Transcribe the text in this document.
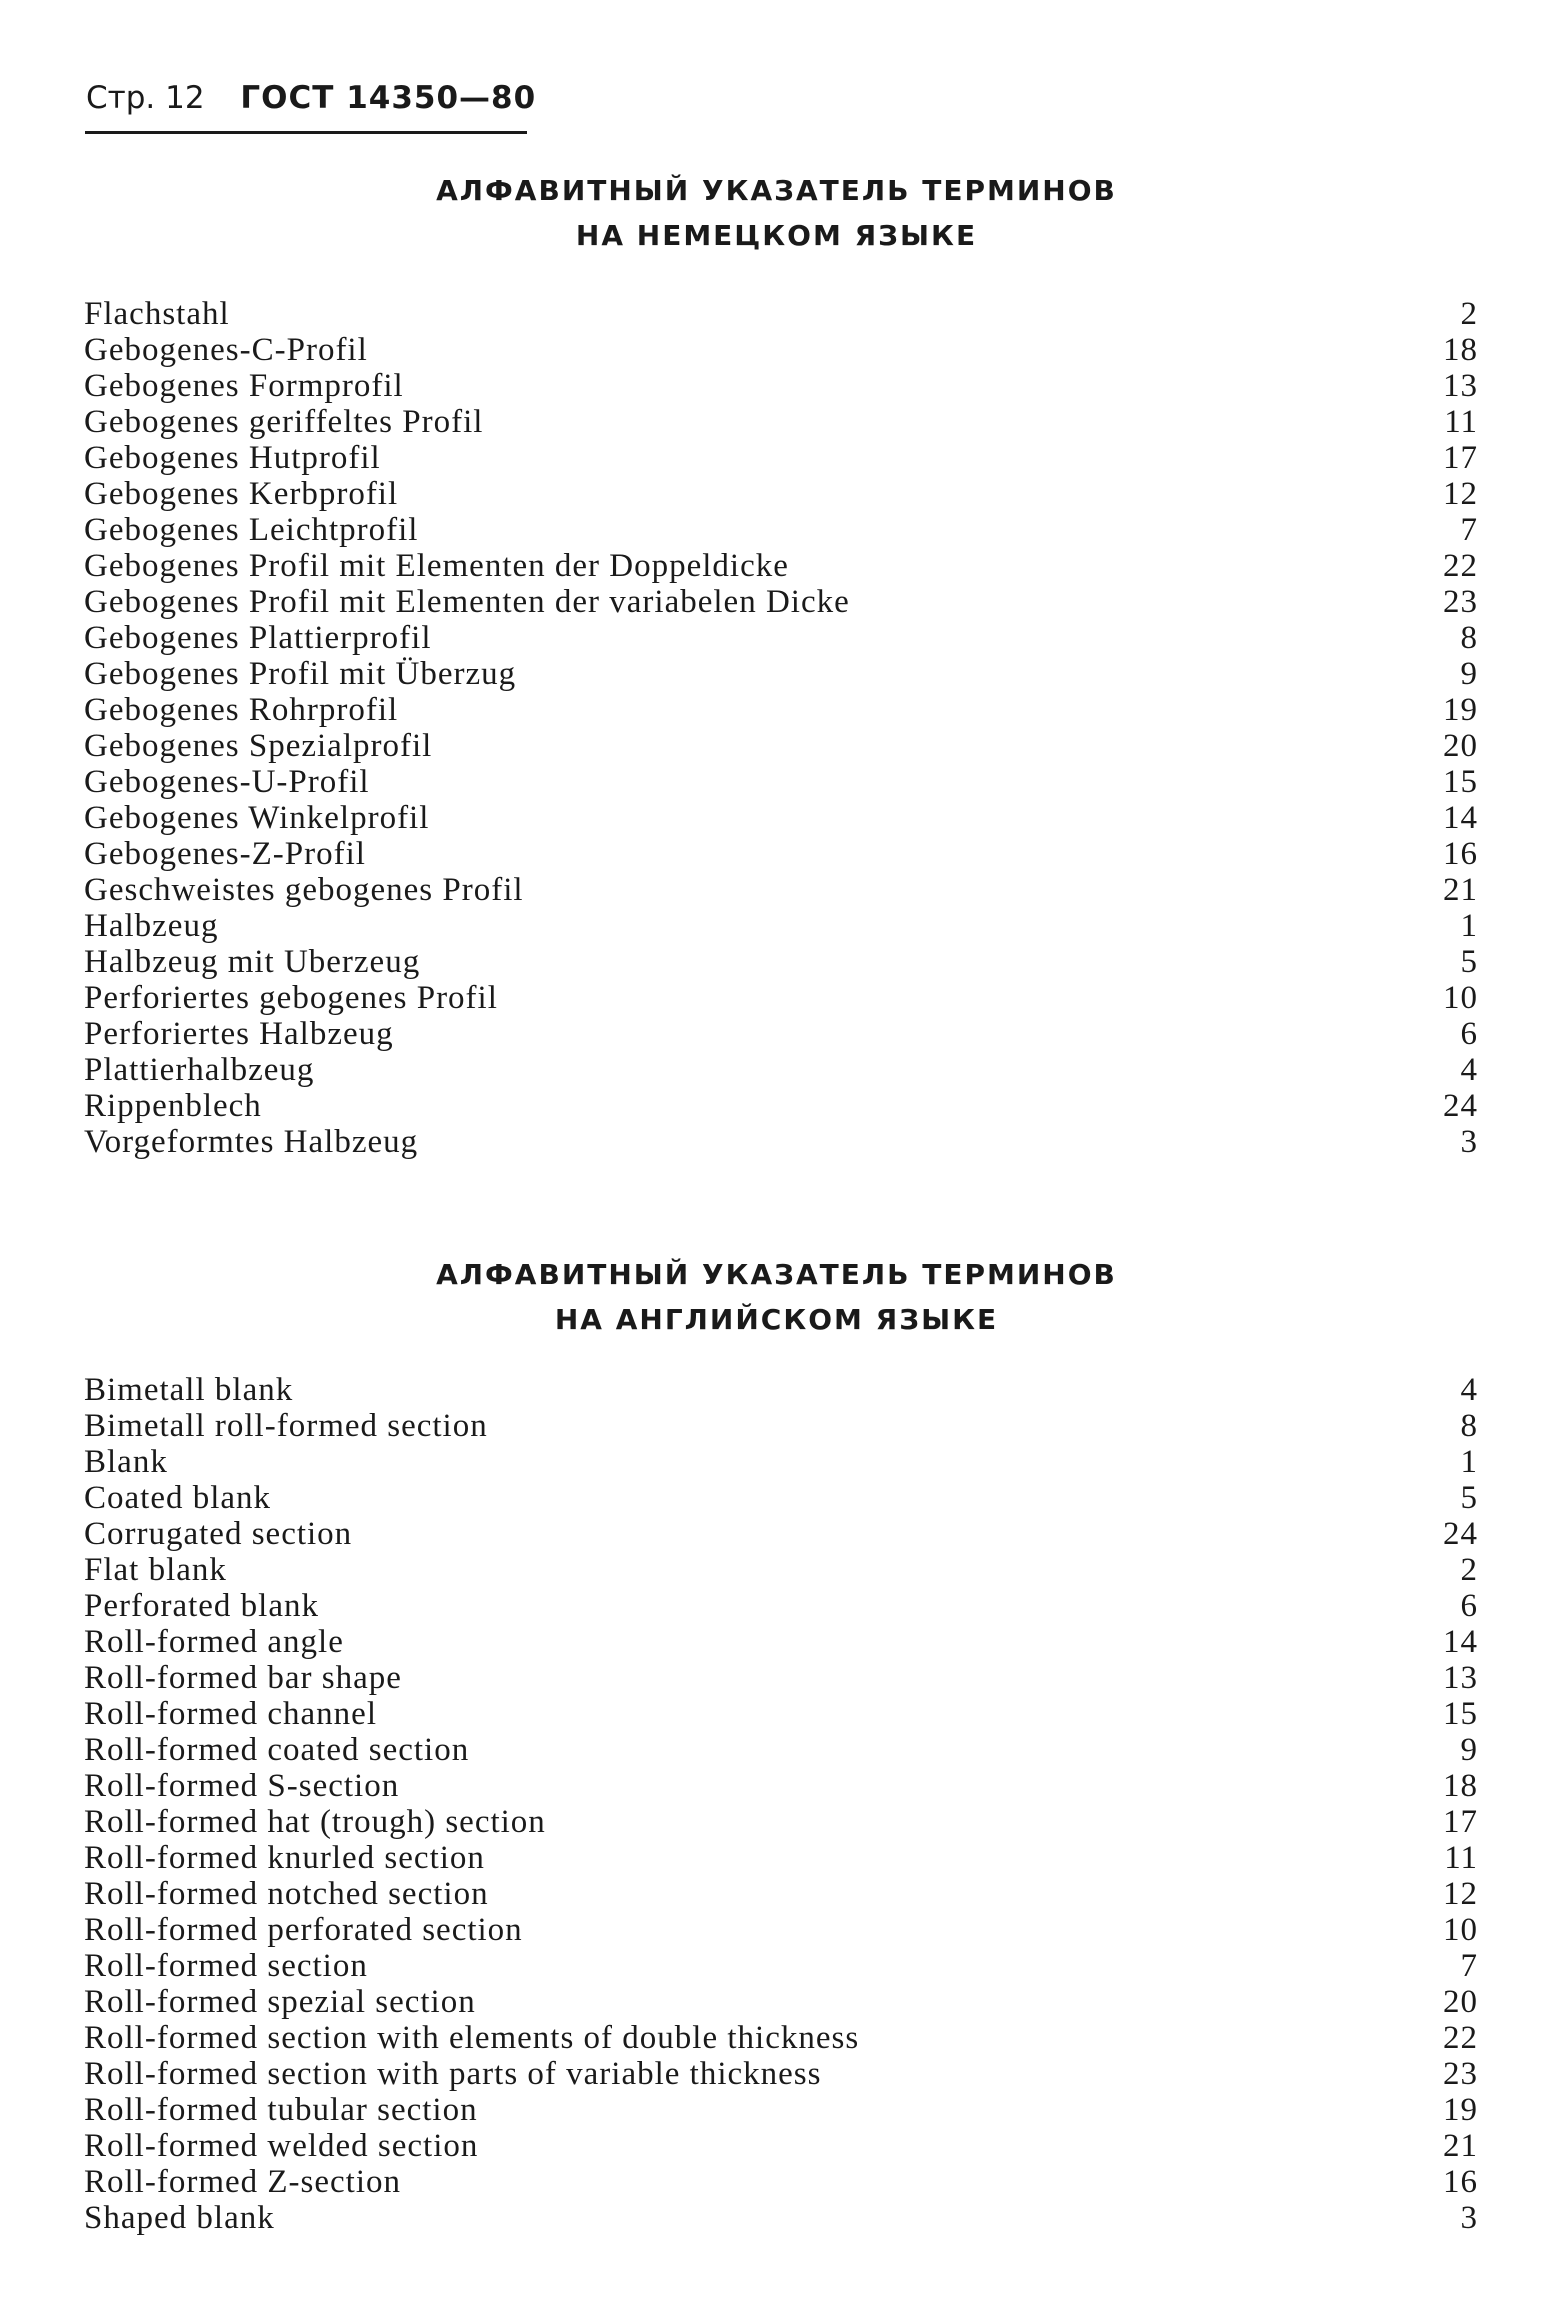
Стр. 12 ГОСТ 14350—80
АЛФАВИТНЫЙ УКАЗАТЕЛЬ ТЕРМИНОВ
НА НЕМЕЦКОМ ЯЗЫКЕ
Flachstahl	2
Gebogenes-C-Profil	18
Gebogenes Formprofil	13
Gebogenes geriffeltes Profil	11
Gebogenes Hutprofil	17
Gebogenes Kerbprofil	12
Gebogenes Leichtprofil	7
Gebogenes Profil mit Elementen der Doppeldicke	22
Gebogenes Profil mit Elementen der variabelen Dicke	23
Gebogenes Plattierprofil	8
Gebogenes Profil mit Überzug	9
Gebogenes Rohrprofil	19
Gebogenes Spezialprofil	20
Gebogenes-U-Profil	15
Gebogenes Winkelprofil	14
Gebogenes-Z-Profil	16
Geschweistes gebogenes Profil	21
Halbzeug	1
Halbzeug mit Uberzeug	5
Perforiertes gebogenes Profil	10
Perforiertes Halbzeug	6
Plattierhalbzeug	4
Rippenblech	24
Vorgeformtes Halbzeug	3
АЛФАВИТНЫЙ УКАЗАТЕЛЬ ТЕРМИНОВ
НА АНГЛИЙСКОМ ЯЗЫКЕ
Bimetall blank	4
Bimetall roll-formed section	8
Blank	1
Coated blank	5
Corrugated section	24
Flat blank	2
Perforated blank	6
Roll-formed angle	14
Roll-formed bar shape	13
Roll-formed channel	15
Roll-formed coated section	9
Roll-formed S-section	18
Roll-formed hat (trough) section	17
Roll-formed knurled section	11
Roll-formed notched section	12
Roll-formed perforated section	10
Roll-formed section	7
Roll-formed spezial section	20
Roll-formed section with elements of double thickness	22
Roll-formed section with parts of variable thickness	23
Roll-formed tubular section	19
Roll-formed welded section	21
Roll-formed Z-section	16
Shaped blank	3
